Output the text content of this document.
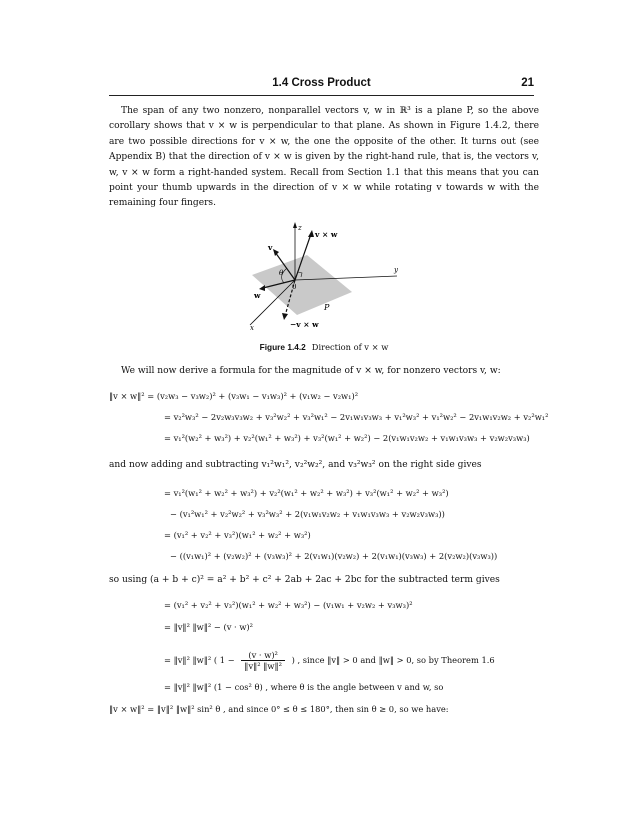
1.4 Cross Product	21

The span of any two nonzero, nonparallel vectors v, w in ℝ³ is a plane P, so the above corollary shows that v × w is perpendicular to that plane. As shown in Figure 1.4.2, there are two possible directions for v × w, the one the opposite of the other. It turns out (see Appendix B) that the direction of v × w is given by the right-hand rule, that is, the vectors v, w, v × w form a right-handed system. Recall from Section 1.1 that this means that you can point your thumb upwards in the direction of v × w while rotating v towards w with the remaining four fingers.

z
y
x
v × w
−v × w
v
w
θ
0
P
Figure 1.4.2 Direction of v × w
We will now derive a formula for the magnitude of v × w, for nonzero vectors v, w:
‖v × w‖² = (v₂w₃ − v₃w₂)² + (v₃w₁ − v₁w₃)² + (v₁w₂ − v₂w₁)²
= v₂²w₃² − 2v₂w₃v₃w₂ + v₃²w₂² + v₃²w₁² − 2v₁w₁v₃w₃ + v₁²w₃² + v₁²w₂² − 2v₁w₁v₂w₂ + v₂²w₁²
= v₁²(w₂² + w₃²) + v₂²(w₁² + w₃²) + v₃²(w₁² + w₂²) − 2(v₁w₁v₂w₂ + v₁w₁v₃w₃ + v₂w₂v₃w₃)
and now adding and subtracting v₁²w₁², v₂²w₂², and v₃²w₃² on the right side gives
= v₁²(w₁² + w₂² + w₃²) + v₂²(w₁² + w₂² + w₃²) + v₃²(w₁² + w₂² + w₃²)
− (v₁²w₁² + v₂²w₂² + v₃²w₃² + 2(v₁w₁v₂w₂ + v₁w₁v₃w₃ + v₂w₂v₃w₃))
= (v₁² + v₂² + v₃²)(w₁² + w₂² + w₃²)
− ((v₁w₁)² + (v₂w₂)² + (v₃w₃)² + 2(v₁w₁)(v₂w₂) + 2(v₁w₁)(v₃w₃) + 2(v₂w₂)(v₃w₃))
so using (a + b + c)² = a² + b² + c² + 2ab + 2ac + 2bc for the subtracted term gives
= (v₁² + v₂² + v₃²)(w₁² + w₂² + w₃²) − (v₁w₁ + v₂w₂ + v₃w₃)²
= ‖v‖² ‖w‖² − (v · w)²
= ‖v‖² ‖w‖² ( $1 - \frac{\text{(v · w)²}}{\text{‖v‖² ‖w‖²}}$ ) , since ‖v‖ > 0 and ‖w‖ > 0, so by Theorem 1.6
= ‖v‖² ‖w‖² (1 − cos² θ) , where θ is the angle between v and w, so
‖v × w‖² = ‖v‖² ‖w‖² sin² θ , and since 0° ≤ θ ≤ 180°, then sin θ ≥ 0, so we have:
